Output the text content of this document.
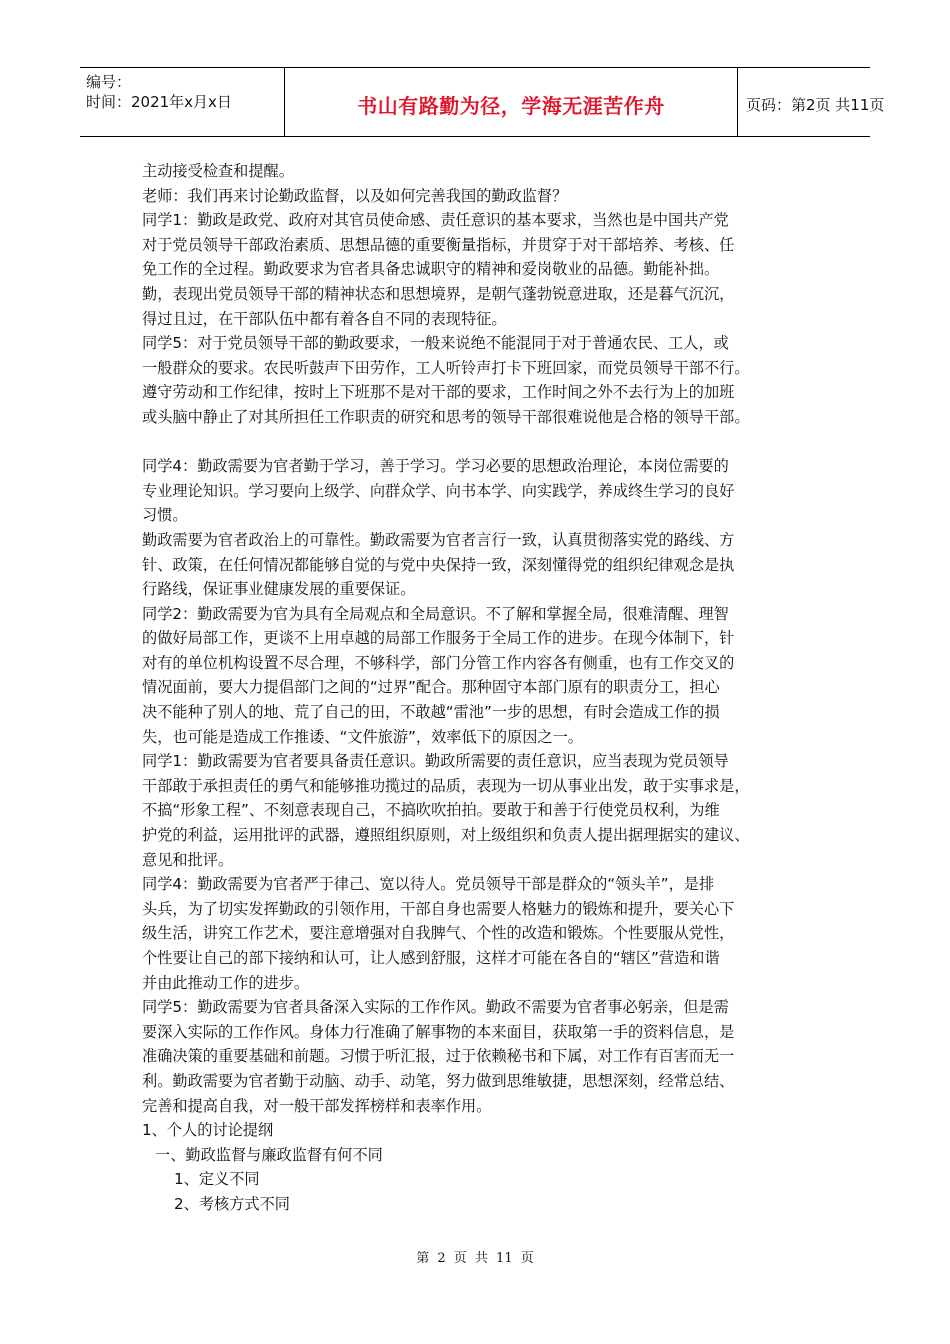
编号：
时间：2021年x月x日	书山有路勤为径，学海无涯苦作舟	页码：第2页 共11页

主动接受检查和提醒。

老师：我们再来讨论勤政监督，以及如何完善我国的勤政监督？

同学1：勤政是政党、政府对其官员使命感、责任意识的基本要求，当然也是中国共产党

对于党员领导干部政治素质、思想品德的重要衡量指标，并贯穿于对干部培养、考核、任

免工作的全过程。勤政要求为官者具备忠诚职守的精神和爱岗敬业的品德。勤能补拙。

勤，表现出党员领导干部的精神状态和思想境界，是朝气蓬勃锐意进取，还是暮气沉沉，

得过且过，在干部队伍中都有着各自不同的表现特征。

同学5：对于党员领导干部的勤政要求，一般来说绝不能混同于对于普通农民、工人，或

一般群众的要求。农民听鼓声下田劳作，工人听铃声打卡下班回家，而党员领导干部不行。

遵守劳动和工作纪律，按时上下班那不是对干部的要求，工作时间之外不去行为上的加班

或头脑中静止了对其所担任工作职责的研究和思考的领导干部很难说他是合格的领导干部。

同学4：勤政需要为官者勤于学习，善于学习。学习必要的思想政治理论，本岗位需要的

专业理论知识。学习要向上级学、向群众学、向书本学、向实践学，养成终生学习的良好

习惯。

勤政需要为官者政治上的可靠性。勤政需要为官者言行一致，认真贯彻落实党的路线、方

针、政策，在任何情况都能够自觉的与党中央保持一致，深刻懂得党的组织纪律观念是执

行路线，保证事业健康发展的重要保证。

同学2：勤政需要为官为具有全局观点和全局意识。不了解和掌握全局，很难清醒、理智

的做好局部工作，更谈不上用卓越的局部工作服务于全局工作的进步。在现今体制下，针

对有的单位机构设置不尽合理，不够科学，部门分管工作内容各有侧重，也有工作交叉的

情况面前，要大力提倡部门之间的“过界”配合。那种固守本部门原有的职责分工，担心

决不能种了别人的地、荒了自己的田，不敢越“雷池”一步的思想，有时会造成工作的损

失，也可能是造成工作推诿、“文件旅游”，效率低下的原因之一。

同学1：勤政需要为官者要具备责任意识。勤政所需要的责任意识，应当表现为党员领导

干部敢于承担责任的勇气和能够推功揽过的品质，表现为一切从事业出发，敢于实事求是，

不搞“形象工程”、不刻意表现自己，不搞吹吹拍拍。要敢于和善于行使党员权利，为维

护党的利益，运用批评的武器，遵照组织原则，对上级组织和负责人提出据理据实的建议、

意见和批评。

同学4：勤政需要为官者严于律己、宽以待人。党员领导干部是群众的“领头羊”，是排

头兵，为了切实发挥勤政的引领作用，干部自身也需要人格魅力的锻炼和提升，要关心下

级生活，讲究工作艺术，要注意增强对自我脾气、个性的改造和锻炼。个性要服从党性，

个性要让自己的部下接纳和认可，让人感到舒服，这样才可能在各自的“辖区”营造和谐

并由此推动工作的进步。

同学5：勤政需要为官者具备深入实际的工作作风。勤政不需要为官者事必躬亲，但是需

要深入实际的工作作风。身体力行准确了解事物的本来面目，获取第一手的资料信息，是

准确决策的重要基础和前题。习惯于听汇报，过于依赖秘书和下属，对工作有百害而无一

利。勤政需要为官者勤于动脑、动手、动笔，努力做到思维敏捷，思想深刻，经常总结、

完善和提高自我，对一般干部发挥榜样和表率作用。

1、个人的讨论提纲

一、勤政监督与廉政监督有何不同

1、定义不同

2、考核方式不同

第 2 页 共 11 页
